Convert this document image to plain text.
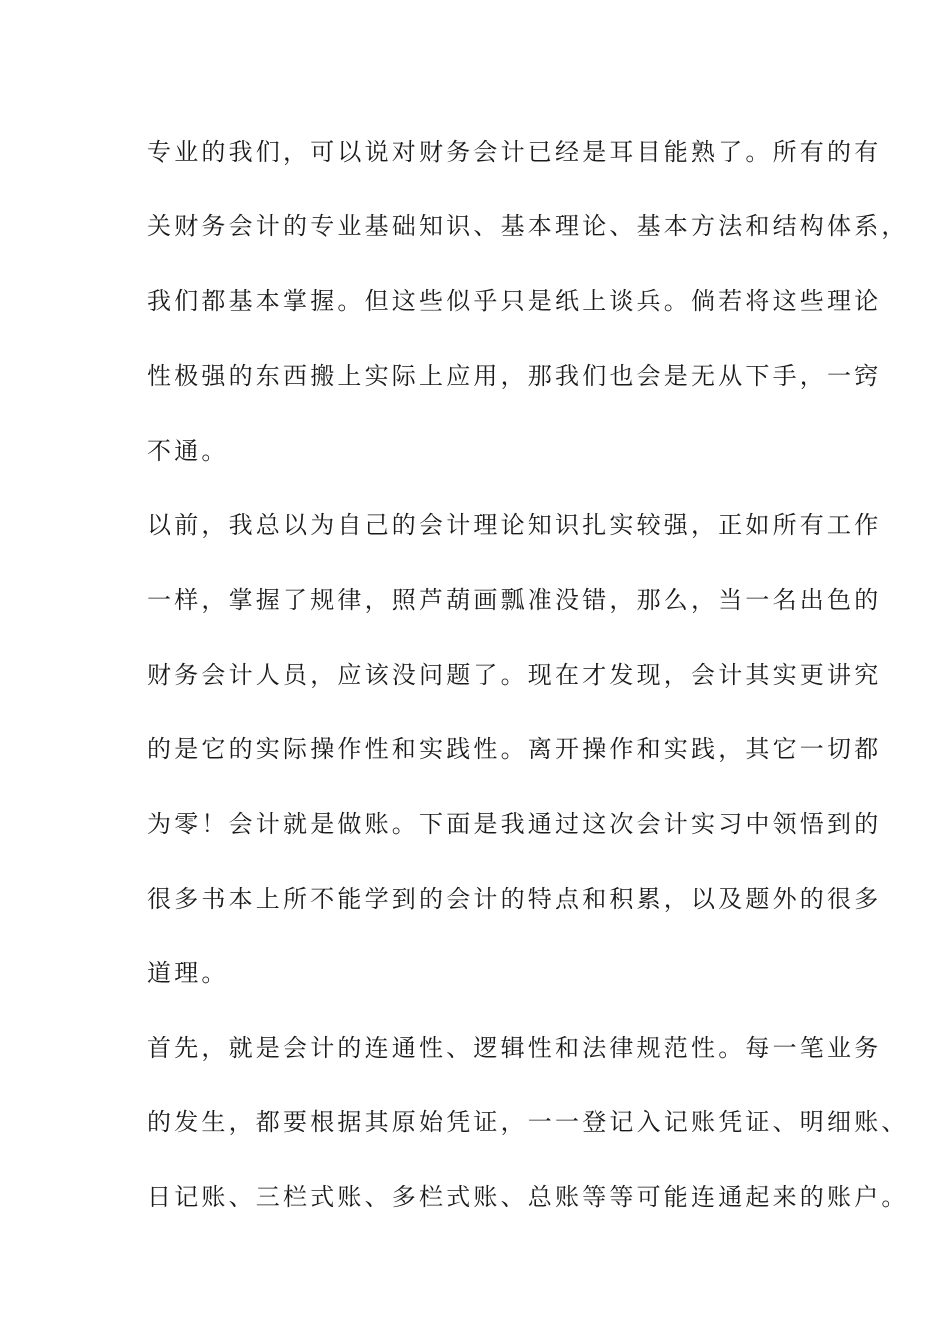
专业的我们，可以说对财务会计已经是耳目能熟了。所有的有
关财务会计的专业基础知识、基本理论、基本方法和结构体系，
我们都基本掌握。但这些似乎只是纸上谈兵。倘若将这些理论
性极强的东西搬上实际上应用，那我们也会是无从下手，一窍
不通。
以前，我总以为自己的会计理论知识扎实较强，正如所有工作
一样，掌握了规律，照芦葫画瓢准没错，那么，当一名出色的
财务会计人员，应该没问题了。现在才发现，会计其实更讲究
的是它的实际操作性和实践性。离开操作和实践，其它一切都
为零！会计就是做账。下面是我通过这次会计实习中领悟到的
很多书本上所不能学到的会计的特点和积累，以及题外的很多
道理。
首先，就是会计的连通性、逻辑性和法律规范性。每一笔业务
的发生，都要根据其原始凭证，一一登记入记账凭证、明细账、
日记账、三栏式账、多栏式账、总账等等可能连通起来的账户。
